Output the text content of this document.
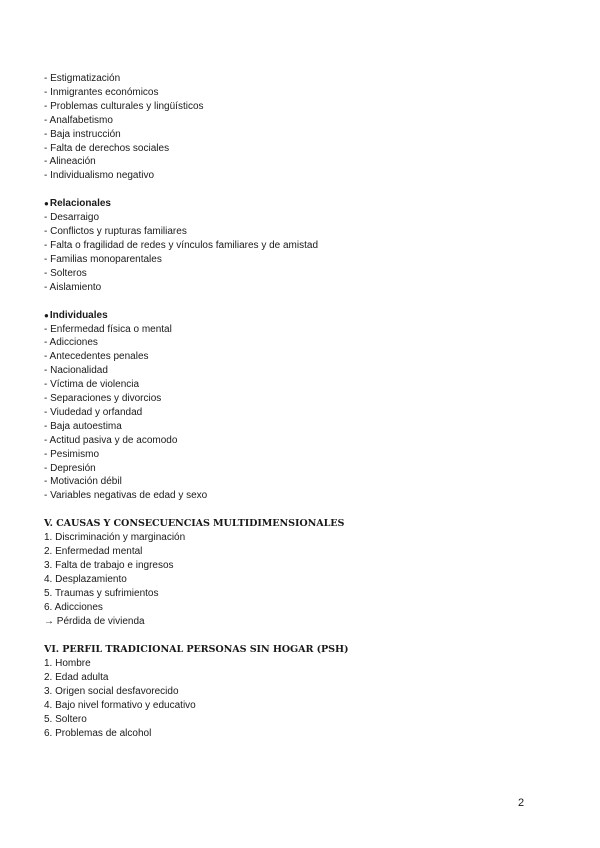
- Estigmatización
- Inmigrantes económicos
- Problemas culturales y lingüísticos
- Analfabetismo
- Baja instrucción
- Falta de derechos sociales
- Alineación
- Individualismo negativo
●Relacionales
- Desarraigo
- Conflictos y rupturas familiares
- Falta o fragilidad de redes y vínculos familiares y de amistad
- Familias monoparentales
- Solteros
- Aislamiento
●Individuales
- Enfermedad física o mental
- Adicciones
- Antecedentes penales
- Nacionalidad
- Víctima de violencia
- Separaciones y divorcios
- Viudedad y orfandad
- Baja autoestima
- Actitud pasiva y de acomodo
- Pesimismo
- Depresión
- Motivación débil
- Variables negativas de edad y sexo
V. CAUSAS Y CONSECUENCIAS MULTIDIMENSIONALES
1. Discriminación y marginación
2. Enfermedad mental
3. Falta de trabajo e ingresos
4. Desplazamiento
5. Traumas y sufrimientos
6. Adicciones
→ Pérdida de vivienda
VI. PERFIL TRADICIONAL PERSONAS SIN HOGAR (PSH)
1. Hombre
2. Edad adulta
3. Origen social desfavorecido
4. Bajo nivel formativo y educativo
5. Soltero
6. Problemas de alcohol
2
